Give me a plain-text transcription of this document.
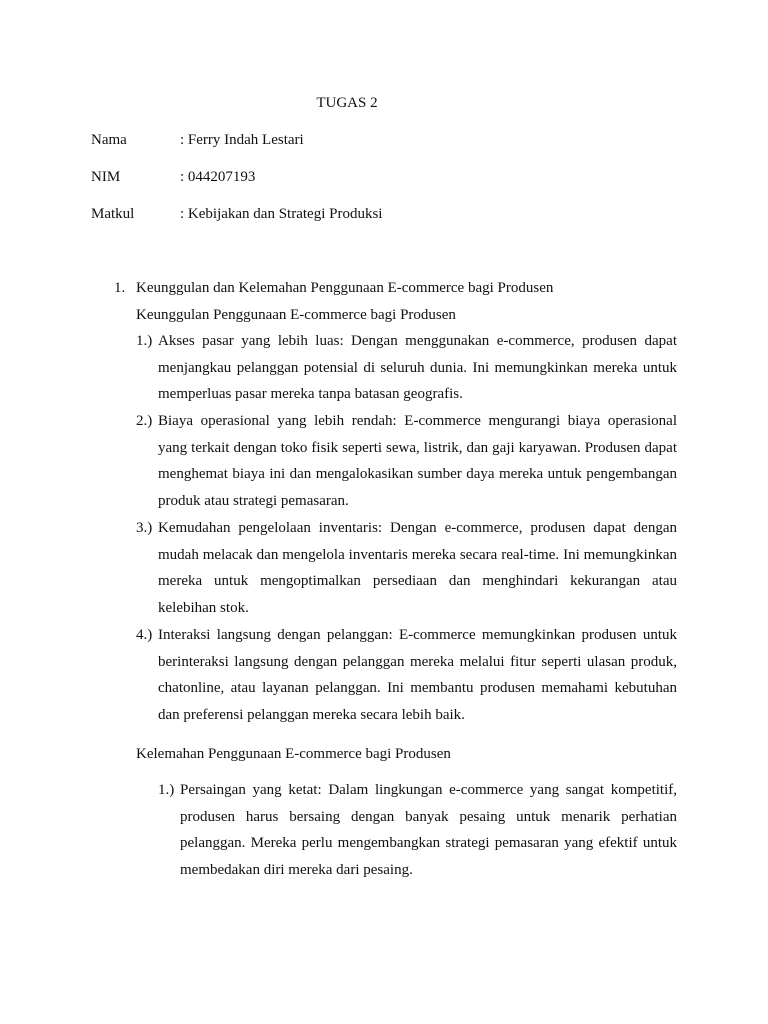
TUGAS 2
Nama	: Ferry Indah Lestari
NIM	: 044207193
Matkul	: Kebijakan dan Strategi Produksi
1. Keunggulan dan Kelemahan Penggunaan E-commerce bagi Produsen
Keunggulan Penggunaan E-commerce bagi Produsen
1.) Akses pasar yang lebih luas: Dengan menggunakan e-commerce, produsen dapat menjangkau pelanggan potensial di seluruh dunia. Ini memungkinkan mereka untuk memperluas pasar mereka tanpa batasan geografis.
2.) Biaya operasional yang lebih rendah: E-commerce mengurangi biaya operasional yang terkait dengan toko fisik seperti sewa, listrik, dan gaji karyawan. Produsen dapat menghemat biaya ini dan mengalokasikan sumber daya mereka untuk pengembangan produk atau strategi pemasaran.
3.) Kemudahan pengelolaan inventaris: Dengan e-commerce, produsen dapat dengan mudah melacak dan mengelola inventaris mereka secara real-time. Ini memungkinkan mereka untuk mengoptimalkan persediaan dan menghindari kekurangan atau kelebihan stok.
4.) Interaksi langsung dengan pelanggan: E-commerce memungkinkan produsen untuk berinteraksi langsung dengan pelanggan mereka melalui fitur seperti ulasan produk, chatonline, atau layanan pelanggan. Ini membantu produsen memahami kebutuhan dan preferensi pelanggan mereka secara lebih baik.
Kelemahan Penggunaan E-commerce bagi Produsen
1.) Persaingan yang ketat: Dalam lingkungan e-commerce yang sangat kompetitif, produsen harus bersaing dengan banyak pesaing untuk menarik perhatian pelanggan. Mereka perlu mengembangkan strategi pemasaran yang efektif untuk membedakan diri mereka dari pesaing.
